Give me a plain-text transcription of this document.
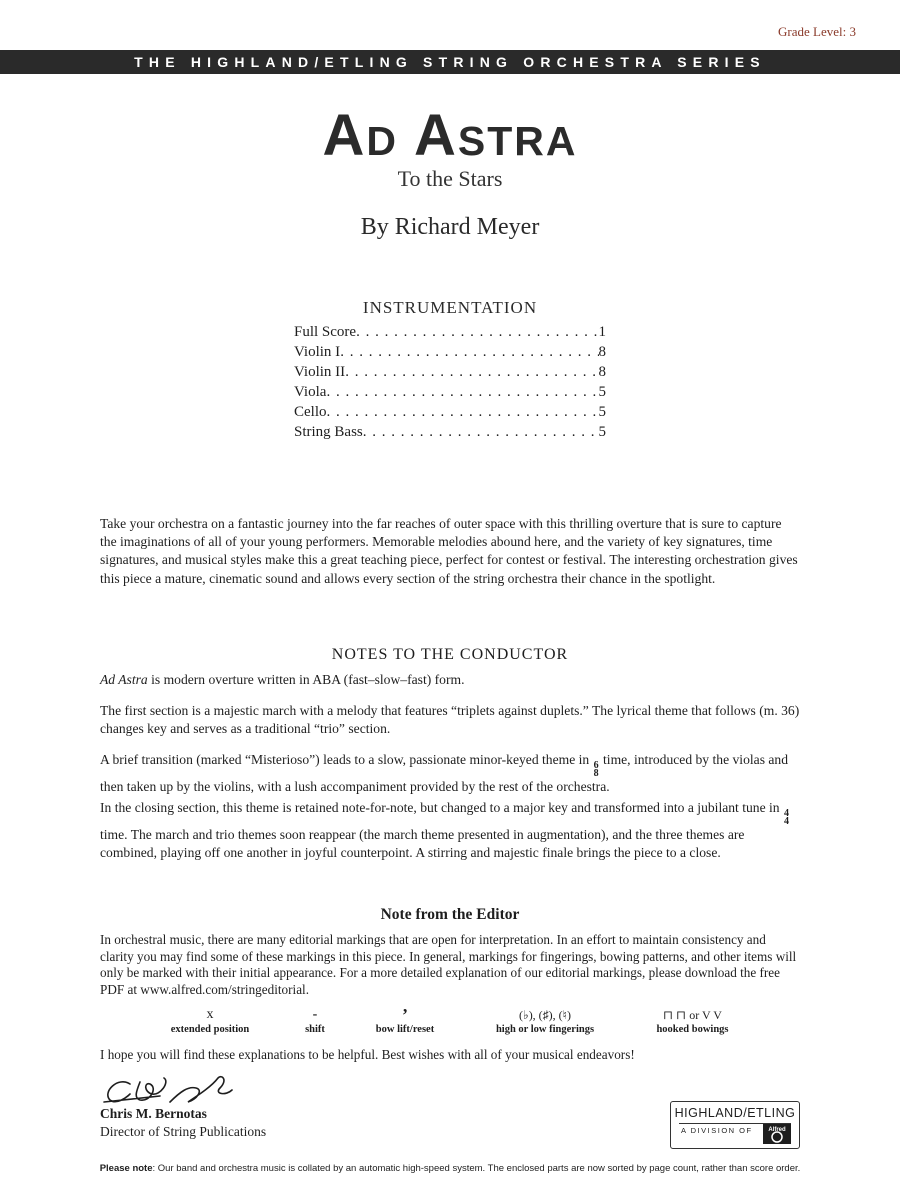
Grade Level: 3
THE HIGHLAND/ETLING STRING ORCHESTRA SERIES
Ad Astra
To the Stars
By Richard Meyer
INSTRUMENTATION
Full Score . . .	1
Violin I . . .	8
Violin II . . .	8
Viola . . .	5
Cello . . .	5
String Bass . . .	5

Take your orchestra on a fantastic journey into the far reaches of outer space with this thrilling overture that is sure to capture the imaginations of all of your young performers. Memorable melodies abound here, and the variety of key signatures, time signatures, and musical styles make this a great teaching piece, perfect for contest or festival. The interesting orchestration gives this piece a mature, cinematic sound and allows every section of the string orchestra their chance in the spotlight.

NOTES TO THE CONDUCTOR

Ad Astra is modern overture written in ABA (fast–slow–fast) form.

The first section is a majestic march with a melody that features “triplets against duplets.” The lyrical theme that follows (m. 36) changes key and serves as a traditional “trio” section.

A brief transition (marked “Misterioso”) leads to a slow, passionate minor-keyed theme in 6
8
time, introduced by the violas and then taken up by the violins, with a lush accompaniment provided by the rest of the orchestra.

In the closing section, this theme is retained note-for-note, but changed to a major key and transformed into a jubilant tune in 4
4
time. The march and trio themes soon reappear (the march theme presented in augmentation), and the three themes are combined, playing off one another in joyful counterpoint. A stirring and majestic finale brings the piece to a close.

Note from the Editor

In orchestral music, there are many editorial markings that are open for interpretation. In an effort to maintain consistency and clarity you may find some of these markings in this piece. In general, markings for fingerings, bowing patterns, and other items will only be marked with their initial appearance. For a more detailed explanation of our editorial markings, please download the free PDF at www.alfred.com/stringeditorial.

x
extended position
-
shift
’
bow lift/reset
(♭), (♯), (♮)
high or low fingerings
⊓ ⊓ or V V
hooked bowings

I hope you will find these explanations to be helpful. Best wishes with all of your musical endeavors!

Chris M. Bernotas
Director of String Publications
HIGHLAND/ETLING
A DIVISION OF	Alfred
Please note: Our band and orchestra music is collated by an automatic high-speed system. The enclosed parts are now sorted by page count, rather than score order.
